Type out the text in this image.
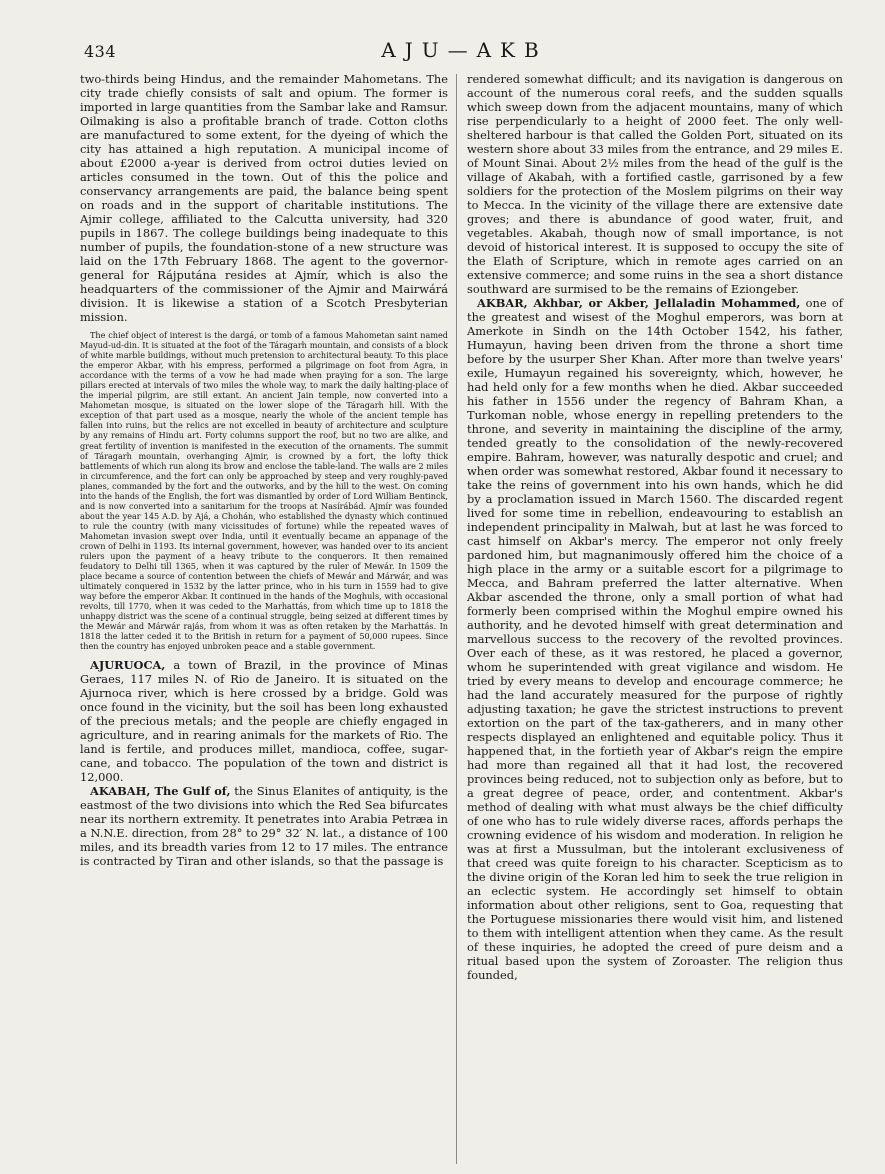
434	AJU—AKB

two-thirds being Hindus, and the remainder Mahometans. The city trade chiefly consists of salt and opium. The former is imported in large quantities from the Sambar lake and Ramsur. Oilmaking is also a profitable branch of trade. Cotton cloths are manufactured to some extent, for the dyeing of which the city has attained a high reputation. A municipal income of about £2000 a-year is derived from octroi duties levied on articles consumed in the town. Out of this the police and conservancy arrangements are paid, the balance being spent on roads and in the support of charitable institutions. The Ajmir college, affiliated to the Calcutta university, had 320 pupils in 1867. The college buildings being inadequate to this number of pupils, the foundation-stone of a new structure was laid on the 17th February 1868. The agent to the governor-general for Rájputána resides at Ajmír, which is also the headquarters of the commissioner of the Ajmir and Mairwárá division. It is likewise a station of a Scotch Presbyterian mission.

The chief object of interest is the dargá, or tomb of a famous Mahometan saint named Mayud-ud-din. It is situated at the foot of the Táragarh mountain, and consists of a block of white marble buildings, without much pretension to architectural beauty. To this place the emperor Akbar, with his empress, performed a pilgrimage on foot from Agra, in accordance with the terms of a vow he had made when praying for a son. The large pillars erected at intervals of two miles the whole way, to mark the daily halting-place of the imperial pilgrim, are still extant. An ancient Jain temple, now converted into a Mahometan mosque, is situated on the lower slope of the Táragarh hill. With the exception of that part used as a mosque, nearly the whole of the ancient temple has fallen into ruins, but the relics are not excelled in beauty of architecture and sculpture by any remains of Hindu art. Forty columns support the roof, but no two are alike, and great fertility of invention is manifested in the execution of the ornaments. The summit of Táragarh mountain, overhanging Ajmir, is crowned by a fort, the lofty thick battlements of which run along its brow and enclose the table-land. The walls are 2 miles in circumference, and the fort can only be approached by steep and very roughly-paved planes, commanded by the fort and the outworks, and by the hill to the west. On coming into the hands of the English, the fort was dismantled by order of Lord William Bentinck, and is now converted into a sanitarium for the troops at Nasírábád. Ajmír was founded about the year 145 A.D. by Ajá, a Chohán, who established the dynasty which continued to rule the country (with many vicissitudes of fortune) while the repeated waves of Mahometan invasion swept over India, until it eventually became an appanage of the crown of Delhi in 1193. Its internal government, however, was handed over to its ancient rulers upon the payment of a heavy tribute to the conquerors. It then remained feudatory to Delhi till 1365, when it was captured by the ruler of Mewár. In 1509 the place became a source of contention between the chiefs of Mewár and Márwár, and was ultimately conquered in 1532 by the latter prince, who in his turn in 1559 had to give way before the emperor Akbar. It continued in the hands of the Moghuls, with occasional revolts, till 1770, when it was ceded to the Marhattás, from which time up to 1818 the unhappy district was the scene of a continual struggle, being seized at different times by the Mewár and Márwár rajás, from whom it was as often retaken by the Marhattás. In 1818 the latter ceded it to the British in return for a payment of 50,000 rupees. Since then the country has enjoyed unbroken peace and a stable government.

AJURUOCA, a town of Brazil, in the province of Minas Geraes, 117 miles N. of Rio de Janeiro. It is situated on the Ajurnoca river, which is here crossed by a bridge. Gold was once found in the vicinity, but the soil has been long exhausted of the precious metals; and the people are chiefly engaged in agriculture, and in rearing animals for the markets of Rio. The land is fertile, and produces millet, mandioca, coffee, sugar-cane, and tobacco. The population of the town and district is 12,000.

AKABAH, The Gulf of, the Sinus Elanites of antiquity, is the eastmost of the two divisions into which the Red Sea bifurcates near its northern extremity. It penetrates into Arabia Petræa in a N.N.E. direction, from 28° to 29° 32′ N. lat., a distance of 100 miles, and its breadth varies from 12 to 17 miles. The entrance is contracted by Tiran and other islands, so that the passage is

rendered somewhat difficult; and its navigation is dangerous on account of the numerous coral reefs, and the sudden squalls which sweep down from the adjacent mountains, many of which rise perpendicularly to a height of 2000 feet. The only well-sheltered harbour is that called the Golden Port, situated on its western shore about 33 miles from the entrance, and 29 miles E. of Mount Sinai. About 2½ miles from the head of the gulf is the village of Akabah, with a fortified castle, garrisoned by a few soldiers for the protection of the Moslem pilgrims on their way to Mecca. In the vicinity of the village there are extensive date groves; and there is abundance of good water, fruit, and vegetables. Akabah, though now of small importance, is not devoid of historical interest. It is supposed to occupy the site of the Elath of Scripture, which in remote ages carried on an extensive commerce; and some ruins in the sea a short distance southward are surmised to be the remains of Eziongeber.

AKBAR, Akhbar, or Akber, Jellaladin Mohammed, one of the greatest and wisest of the Moghul emperors, was born at Amerkote in Sindh on the 14th October 1542, his father, Humayun, having been driven from the throne a short time before by the usurper Sher Khan. After more than twelve years' exile, Humayun regained his sovereignty, which, however, he had held only for a few months when he died. Akbar succeeded his father in 1556 under the regency of Bahram Khan, a Turkoman noble, whose energy in repelling pretenders to the throne, and severity in maintaining the discipline of the army, tended greatly to the consolidation of the newly-recovered empire. Bahram, however, was naturally despotic and cruel; and when order was somewhat restored, Akbar found it necessary to take the reins of government into his own hands, which he did by a proclamation issued in March 1560. The discarded regent lived for some time in rebellion, endeavouring to establish an independent principality in Malwah, but at last he was forced to cast himself on Akbar's mercy. The emperor not only freely pardoned him, but magnanimously offered him the choice of a high place in the army or a suitable escort for a pilgrimage to Mecca, and Bahram preferred the latter alternative. When Akbar ascended the throne, only a small portion of what had formerly been comprised within the Moghul empire owned his authority, and he devoted himself with great determination and marvellous success to the recovery of the revolted provinces. Over each of these, as it was restored, he placed a governor, whom he superintended with great vigilance and wisdom. He tried by every means to develop and encourage commerce; he had the land accurately measured for the purpose of rightly adjusting taxation; he gave the strictest instructions to prevent extortion on the part of the tax-gatherers, and in many other respects displayed an enlightened and equitable policy. Thus it happened that, in the fortieth year of Akbar's reign the empire had more than regained all that it had lost, the recovered provinces being reduced, not to subjection only as before, but to a great degree of peace, order, and contentment. Akbar's method of dealing with what must always be the chief difficulty of one who has to rule widely diverse races, affords perhaps the crowning evidence of his wisdom and moderation. In religion he was at first a Mussulman, but the intolerant exclusiveness of that creed was quite foreign to his character. Scepticism as to the divine origin of the Koran led him to seek the true religion in an eclectic system. He accordingly set himself to obtain information about other religions, sent to Goa, requesting that the Portuguese missionaries there would visit him, and listened to them with intelligent attention when they came. As the result of these inquiries, he adopted the creed of pure deism and a ritual based upon the system of Zoroaster. The religion thus founded,
